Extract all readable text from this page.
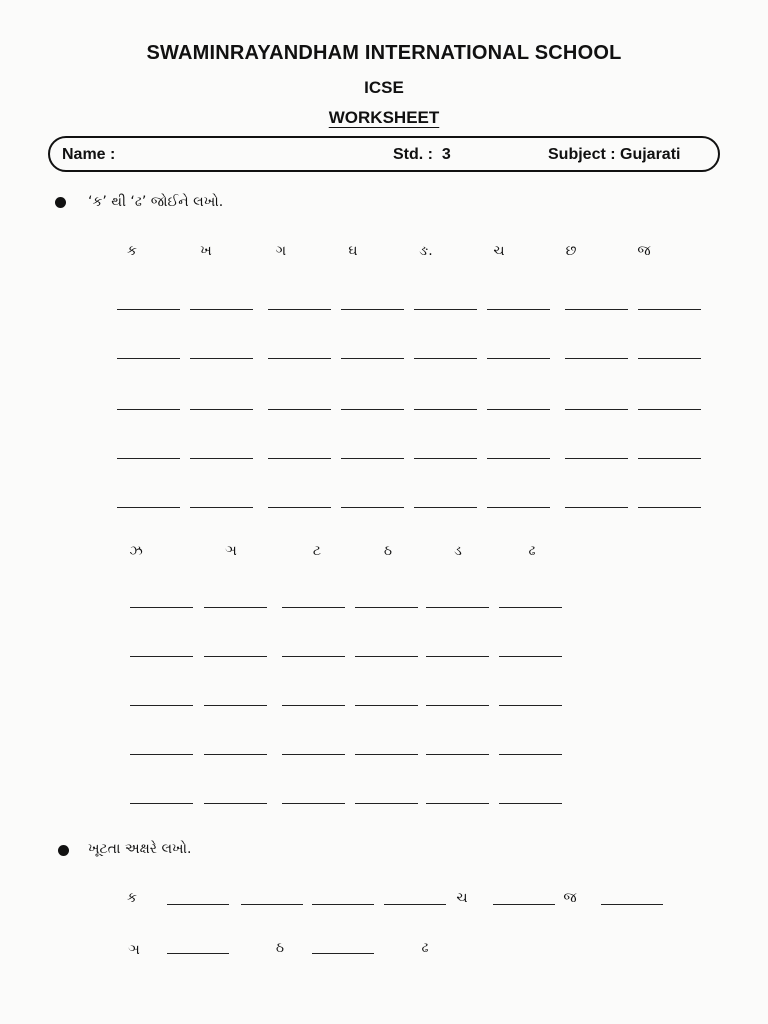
SWAMINRAYANDHAM INTERNATIONAL SCHOOL
ICSE
WORKSHEET
Name :	Std. : 3	Subject : Gujarati
‘ક’ થી ‘ઢ’ જોઈને લખો.
ક	ખ	ગ	ઘ	ઙ.	ચ	છ	જ
ઝ	ઞ	ટ	ઠ	ડ	ઢ
ખૂટતા અક્ષરે લખો.
ક	ચ	જ
ઞ	ઠ	ઢ
